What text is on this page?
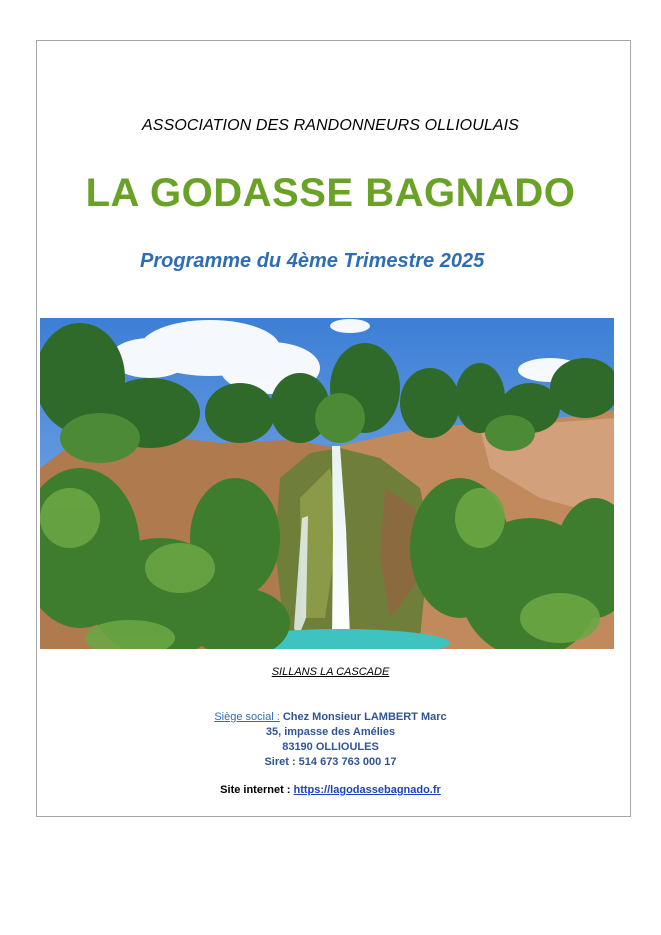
ASSOCIATION DES RANDONNEURS OLLIOULAIS
LA GODASSE BAGNADO
Programme du 4ème Trimestre 2025
SILLANS LA CASCADE
Siège social : Chez Monsieur LAMBERT Marc
35, impasse des Amélies
83190 OLLIOULES
Siret : 514 673 763 000 17
Site internet : https://lagodassebagnado.fr
